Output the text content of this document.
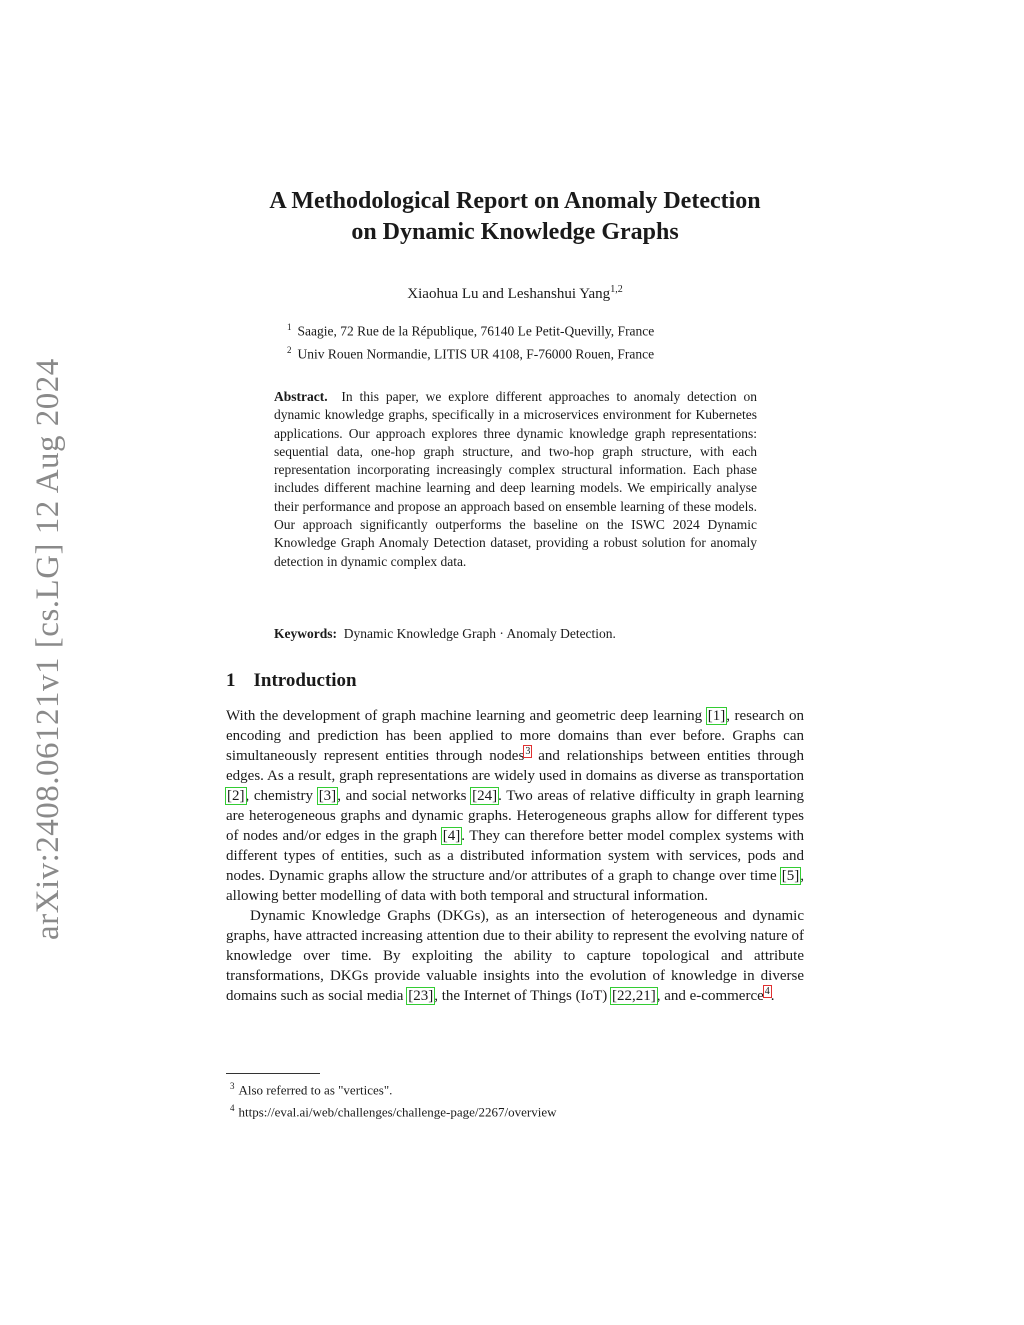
arXiv:2408.06121v1 [cs.LG] 12 Aug 2024
A Methodological Report on Anomaly Detection
on Dynamic Knowledge Graphs
Xiaohua Lu and Leshanshui Yang$^{1,2}$
$^1$ Saagie, 72 Rue de la République, 76140 Le Petit-Quevilly, France
$^2$ Univ Rouen Normandie, LITIS UR 4108, F-76000 Rouen, France
Abstract. In this paper, we explore different approaches to anomaly detection on dynamic knowledge graphs, specifically in a microservices environment for Kubernetes applications. Our approach explores three dynamic knowledge graph representations: sequential data, one-hop graph structure, and two-hop graph structure, with each representation incorporating increasingly complex structural information. Each phase includes different machine learning and deep learning models. We empirically analyse their performance and propose an approach based on ensemble learning of these models. Our approach significantly outperforms the baseline on the ISWC 2024 Dynamic Knowledge Graph Anomaly Detection dataset, providing a robust solution for anomaly detection in dynamic complex data.
Keywords: Dynamic Knowledge Graph · Anomaly Detection.
1 Introduction

With the development of graph machine learning and geometric deep learning [1], research on encoding and prediction has been applied to more domains than ever before. Graphs can simultaneously represent entities through nodes$^3$ and relationships between entities through edges. As a result, graph representations are widely used in domains as diverse as transportation [2], chemistry [3], and social networks [24]. Two areas of relative difficulty in graph learning are heterogeneous graphs and dynamic graphs. Heterogeneous graphs allow for different types of nodes and/or edges in the graph [4]. They can therefore better model complex systems with different types of entities, such as a distributed information system with services, pods and nodes. Dynamic graphs allow the structure and/or attributes of a graph to change over time [5], allowing better modelling of data with both temporal and structural information.

Dynamic Knowledge Graphs (DKGs), as an intersection of heterogeneous and dynamic graphs, have attracted increasing attention due to their ability to represent the evolving nature of knowledge over time. By exploiting the ability to capture topological and attribute transformations, DKGs provide valuable insights into the evolution of knowledge in diverse domains such as social media [23], the Internet of Things (IoT) [22,21], and e-commerce$^4$.

$^3$ Also referred to as "vertices".
$^4$ https://eval.ai/web/challenges/challenge-page/2267/overview
